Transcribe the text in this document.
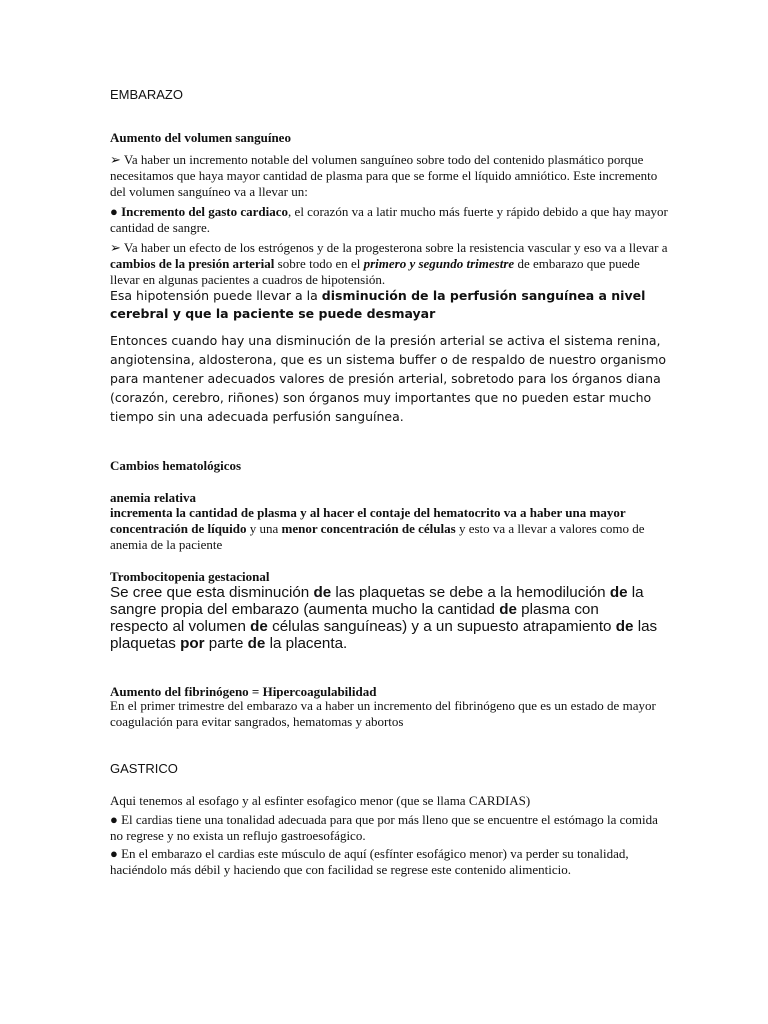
EMBARAZO

Aumento del volumen sanguíneo

➢ Va haber un incremento notable del volumen sanguíneo sobre todo del contenido plasmático porque necesitamos que haya mayor cantidad de plasma para que se forme el líquido amniótico. Este incremento del volumen sanguíneo va a llevar un:

● Incremento del gasto cardiaco, el corazón va a latir mucho más fuerte y rápido debido a que hay mayor cantidad de sangre.

➢ Va haber un efecto de los estrógenos y de la progesterona sobre la resistencia vascular y eso va a llevar a cambios de la presión arterial sobre todo en el primero y segundo trimestre de embarazo que puede llevar en algunas pacientes a cuadros de hipotensión.

Esa hipotensión puede llevar a la disminución de la perfusión sanguínea a nivel cerebral y que la paciente se puede desmayar

Entonces cuando hay una disminución de la presión arterial se activa el sistema renina, angiotensina, aldosterona, que es un sistema buffer o de respaldo de nuestro organismo para mantener adecuados valores de presión arterial, sobretodo para los órganos diana (corazón, cerebro, riñones) son órganos muy importantes que no pueden estar mucho tiempo sin una adecuada perfusión sanguínea.

Cambios hematológicos

anemia relativa

incrementa la cantidad de plasma y al hacer el contaje del hematocrito va a haber una mayor concentración de líquido y una menor concentración de células y esto va a llevar a valores como de anemia de la paciente

Trombocitopenia gestacional

Se cree que esta disminución de las plaquetas se debe a la hemodilución de la sangre propia del embarazo (aumenta mucho la cantidad de plasma con respecto al volumen de células sanguíneas) y a un supuesto atrapamiento de las plaquetas por parte de la placenta.

Aumento del fibrinógeno = Hipercoagulabilidad

En el primer trimestre del embarazo va a haber un incremento del fibrinógeno que es un estado de mayor coagulación para evitar sangrados, hematomas y abortos

GASTRICO

Aqui tenemos al esofago y al esfinter esofagico menor (que se llama CARDIAS)

● El cardias tiene una tonalidad adecuada para que por más lleno que se encuentre el estómago la comida no regrese y no exista un reflujo gastroesofágico.

● En el embarazo el cardias este músculo de aquí (esfínter esofágico menor) va perder su tonalidad, haciéndolo más débil y haciendo que con facilidad se regrese este contenido alimenticio.
